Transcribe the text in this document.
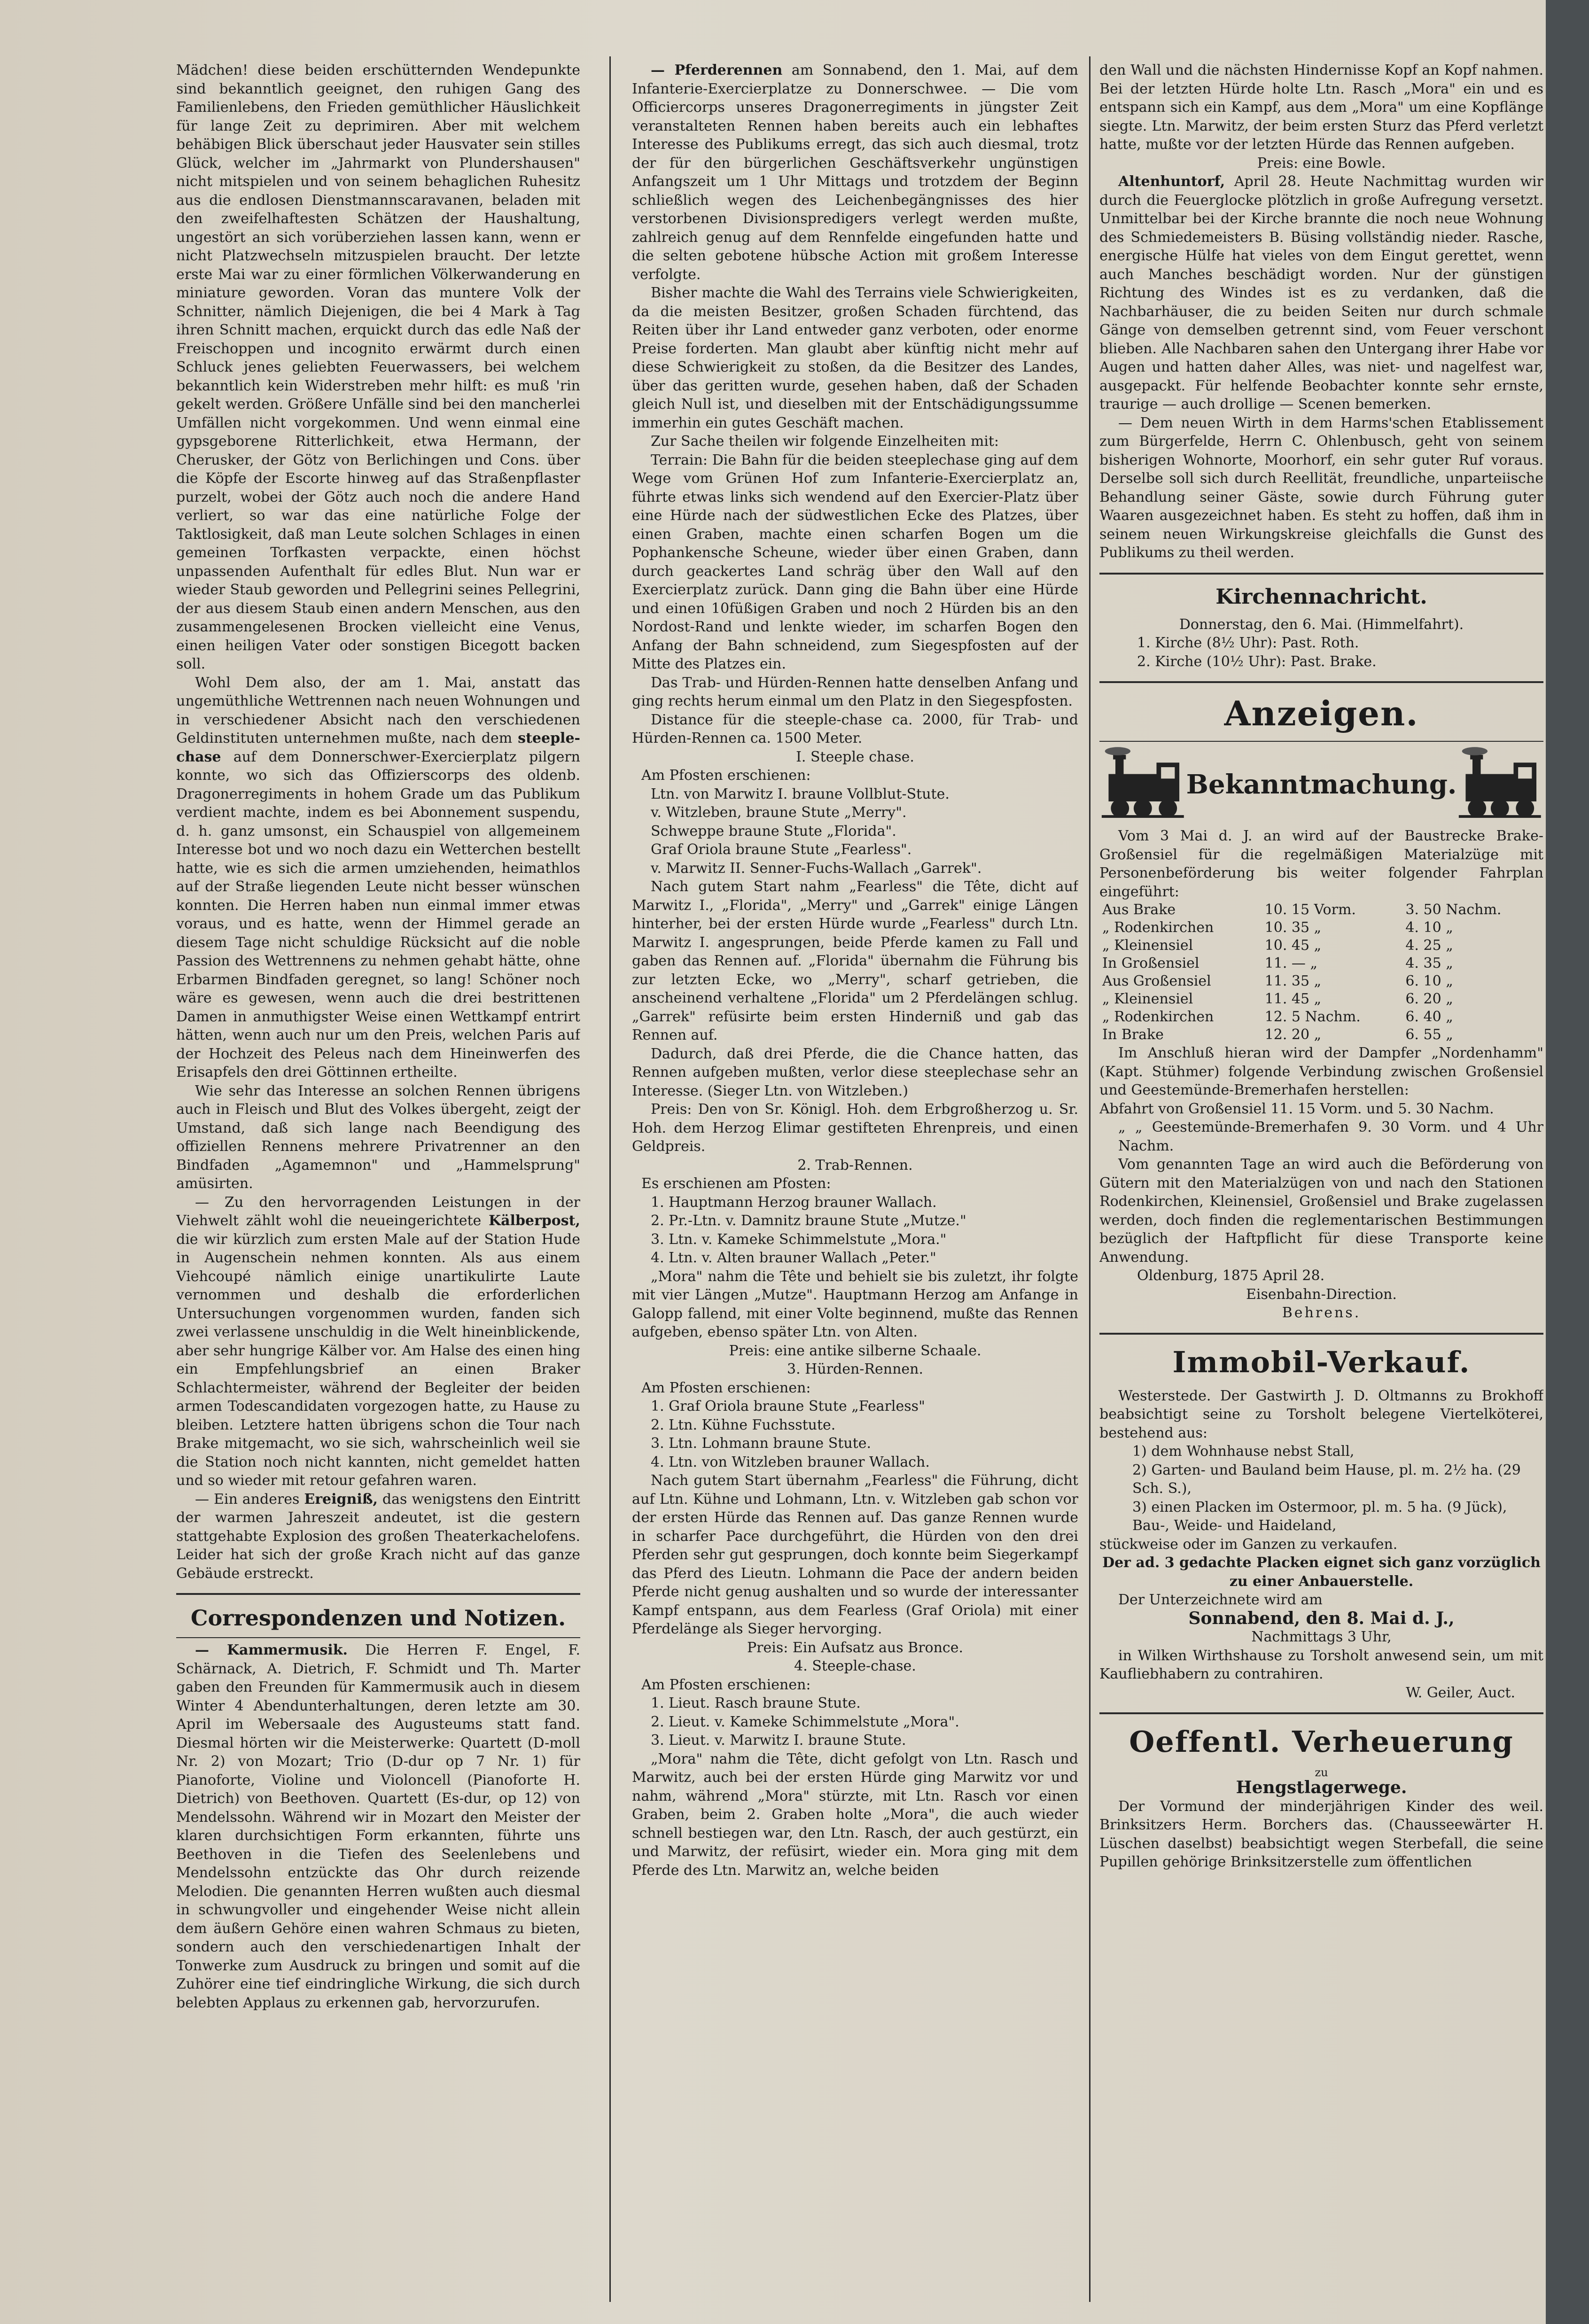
Mädchen! diese beiden erschütternden Wendepunkte sind bekanntlich geeignet, den ruhigen Gang des Familienlebens, den Frieden gemüthlicher Häuslichkeit für lange Zeit zu deprimiren. Aber mit welchem behäbigen Blick überschaut jeder Hausvater sein stilles Glück, welcher im „Jahrmarkt von Plundershausen" nicht mitspielen und von seinem behaglichen Ruhesitz aus die endlosen Dienstmannscaravanen, beladen mit den zweifelhaftesten Schätzen der Haushaltung, ungestört an sich vorüberziehen lassen kann, wenn er nicht Platzwechseln mitzuspielen braucht. Der letzte erste Mai war zu einer förmlichen Völkerwanderung en miniature geworden. Voran das muntere Volk der Schnitter, nämlich Diejenigen, die bei 4 Mark à Tag ihren Schnitt machen, erquickt durch das edle Naß der Freischoppen und incognito erwärmt durch einen Schluck jenes geliebten Feuerwassers, bei welchem bekanntlich kein Widerstreben mehr hilft: es muß 'rin gekelt werden. Größere Unfälle sind bei den mancherlei Umfällen nicht vorgekommen. Und wenn einmal eine gypsgeborene Ritterlichkeit, etwa Hermann, der Cherusker, der Götz von Berlichingen und Cons. über die Köpfe der Escorte hinweg auf das Straßenpflaster purzelt, wobei der Götz auch noch die andere Hand verliert, so war das eine natürliche Folge der Taktlosigkeit, daß man Leute solchen Schlages in einen gemeinen Torfkasten verpackte, einen höchst unpassenden Aufenthalt für edles Blut. Nun war er wieder Staub geworden und Pellegrini seines Pellegrini, der aus diesem Staub einen andern Menschen, aus den zusammengelesenen Brocken vielleicht eine Venus, einen heiligen Vater oder sonstigen Bicegott backen soll.

Wohl Dem also, der am 1. Mai, anstatt das ungemüthliche Wettrennen nach neuen Wohnungen und in verschiedener Absicht nach den verschiedenen Geldinstituten unternehmen mußte, nach dem steeple-chase auf dem Donnerschwer-Exercierplatz pilgern konnte, wo sich das Offizierscorps des oldenb. Dragonerregiments in hohem Grade um das Publikum verdient machte, indem es bei Abonnement suspendu, d. h. ganz umsonst, ein Schauspiel von allgemeinem Interesse bot und wo noch dazu ein Wetterchen bestellt hatte, wie es sich die armen umziehenden, heimathlos auf der Straße liegenden Leute nicht besser wünschen konnten. Die Herren haben nun einmal immer etwas voraus, und es hatte, wenn der Himmel gerade an diesem Tage nicht schuldige Rücksicht auf die noble Passion des Wettrennens zu nehmen gehabt hätte, ohne Erbarmen Bindfaden geregnet, so lang! Schöner noch wäre es gewesen, wenn auch die drei bestrittenen Damen in anmuthigster Weise einen Wettkampf entrirt hätten, wenn auch nur um den Preis, welchen Paris auf der Hochzeit des Peleus nach dem Hineinwerfen des Erisapfels den drei Göttinnen ertheilte.

Wie sehr das Interesse an solchen Rennen übrigens auch in Fleisch und Blut des Volkes übergeht, zeigt der Umstand, daß sich lange nach Beendigung des offiziellen Rennens mehrere Privatrenner an den Bindfaden „Agamemnon" und „Hammelsprung" amüsirten.

— Zu den hervorragenden Leistungen in der Viehwelt zählt wohl die neueingerichtete Kälberpost, die wir kürzlich zum ersten Male auf der Station Hude in Augenschein nehmen konnten. Als aus einem Viehcoupé nämlich einige unartikulirte Laute vernommen und deshalb die erforderlichen Untersuchungen vorgenommen wurden, fanden sich zwei verlassene unschuldig in die Welt hineinblickende, aber sehr hungrige Kälber vor. Am Halse des einen hing ein Empfehlungsbrief an einen Braker Schlachtermeister, während der Begleiter der beiden armen Todescandidaten vorgezogen hatte, zu Hause zu bleiben. Letztere hatten übrigens schon die Tour nach Brake mitgemacht, wo sie sich, wahrscheinlich weil sie die Station noch nicht kannten, nicht gemeldet hatten und so wieder mit retour gefahren waren.

— Ein anderes Ereigniß, das wenigstens den Eintritt der warmen Jahreszeit andeutet, ist die gestern stattgehabte Explosion des großen Theaterkachelofens. Leider hat sich der große Krach nicht auf das ganze Gebäude erstreckt.

Correspondenzen und Notizen.

— Kammermusik. Die Herren F. Engel, F. Schärnack, A. Dietrich, F. Schmidt und Th. Marter gaben den Freunden für Kammermusik auch in diesem Winter 4 Abendunterhaltungen, deren letzte am 30. April im Webersaale des Augusteums statt fand. Diesmal hörten wir die Meisterwerke: Quartett (D-moll Nr. 2) von Mozart; Trio (D-dur op 7 Nr. 1) für Pianoforte, Violine und Violoncell (Pianoforte H. Dietrich) von Beethoven. Quartett (Es-dur, op 12) von Mendelssohn. Während wir in Mozart den Meister der klaren durchsichtigen Form erkannten, führte uns Beethoven in die Tiefen des Seelenlebens und Mendelssohn entzückte das Ohr durch reizende Melodien. Die genannten Herren wußten auch diesmal in schwungvoller und eingehender Weise nicht allein dem äußern Gehöre einen wahren Schmaus zu bieten, sondern auch den verschiedenartigen Inhalt der Tonwerke zum Ausdruck zu bringen und somit auf die Zuhörer eine tief eindringliche Wirkung, die sich durch belebten Applaus zu erkennen gab, hervorzurufen.

— Pferderennen am Sonnabend, den 1. Mai, auf dem Infanterie-Exercierplatze zu Donnerschwee. — Die vom Officiercorps unseres Dragonerregiments in jüngster Zeit veranstalteten Rennen haben bereits auch ein lebhaftes Interesse des Publikums erregt, das sich auch diesmal, trotz der für den bürgerlichen Geschäftsverkehr ungünstigen Anfangszeit um 1 Uhr Mittags und trotzdem der Beginn schließlich wegen des Leichenbegängnisses des hier verstorbenen Divisionspredigers verlegt werden mußte, zahlreich genug auf dem Rennfelde eingefunden hatte und die selten gebotene hübsche Action mit großem Interesse verfolgte.

Bisher machte die Wahl des Terrains viele Schwierigkeiten, da die meisten Besitzer, großen Schaden fürchtend, das Reiten über ihr Land entweder ganz verboten, oder enorme Preise forderten. Man glaubt aber künftig nicht mehr auf diese Schwierigkeit zu stoßen, da die Besitzer des Landes, über das geritten wurde, gesehen haben, daß der Schaden gleich Null ist, und dieselben mit der Entschädigungssumme immerhin ein gutes Geschäft machen.

Zur Sache theilen wir folgende Einzelheiten mit:

Terrain: Die Bahn für die beiden steeplechase ging auf dem Wege vom Grünen Hof zum Infanterie-Exercierplatz an, führte etwas links sich wendend auf den Exercier-Platz über eine Hürde nach der südwestlichen Ecke des Platzes, über einen Graben, machte einen scharfen Bogen um die Pophankensche Scheune, wieder über einen Graben, dann durch geackertes Land schräg über den Wall auf den Exercierplatz zurück. Dann ging die Bahn über eine Hürde und einen 10füßigen Graben und noch 2 Hürden bis an den Nordost-Rand und lenkte wieder, im scharfen Bogen den Anfang der Bahn schneidend, zum Siegespfosten auf der Mitte des Platzes ein.

Das Trab- und Hürden-Rennen hatte denselben Anfang und ging rechts herum einmal um den Platz in den Siegespfosten.

Distance für die steeple-chase ca. 2000, für Trab- und Hürden-Rennen ca. 1500 Meter.

I. Steeple chase.

Am Pfosten erschienen:

Ltn. von Marwitz I. braune Vollblut-Stute.
v. Witzleben, braune Stute „Merry".
Schweppe braune Stute „Florida".
Graf Oriola braune Stute „Fearless".
v. Marwitz II. Senner-Fuchs-Wallach „Garrek".

Nach gutem Start nahm „Fearless" die Tête, dicht auf Marwitz I., „Florida", „Merry" und „Garrek" einige Längen hinterher, bei der ersten Hürde wurde „Fearless" durch Ltn. Marwitz I. angesprungen, beide Pferde kamen zu Fall und gaben das Rennen auf. „Florida" übernahm die Führung bis zur letzten Ecke, wo „Merry", scharf getrieben, die anscheinend verhaltene „Florida" um 2 Pferdelängen schlug. „Garrek" refüsirte beim ersten Hinderniß und gab das Rennen auf.

Dadurch, daß drei Pferde, die die Chance hatten, das Rennen aufgeben mußten, verlor diese steeplechase sehr an Interesse. (Sieger Ltn. von Witzleben.)

Preis: Den von Sr. Königl. Hoh. dem Erbgroßherzog u. Sr. Hoh. dem Herzog Elimar gestifteten Ehrenpreis, und einen Geldpreis.

2. Trab-Rennen.

Es erschienen am Pfosten:

1. Hauptmann Herzog brauner Wallach.
2. Pr.-Ltn. v. Damnitz braune Stute „Mutze."
3. Ltn. v. Kameke Schimmelstute „Mora."
4. Ltn. v. Alten brauner Wallach „Peter."

„Mora" nahm die Tête und behielt sie bis zuletzt, ihr folgte mit vier Längen „Mutze". Hauptmann Herzog am Anfange in Galopp fallend, mit einer Volte beginnend, mußte das Rennen aufgeben, ebenso später Ltn. von Alten.

Preis: eine antike silberne Schaale.

3. Hürden-Rennen.

Am Pfosten erschienen:

1. Graf Oriola braune Stute „Fearless"
2. Ltn. Kühne Fuchsstute.
3. Ltn. Lohmann braune Stute.
4. Ltn. von Witzleben brauner Wallach.

Nach gutem Start übernahm „Fearless" die Führung, dicht auf Ltn. Kühne und Lohmann, Ltn. v. Witzleben gab schon vor der ersten Hürde das Rennen auf. Das ganze Rennen wurde in scharfer Pace durchgeführt, die Hürden von den drei Pferden sehr gut gesprungen, doch konnte beim Siegerkampf das Pferd des Lieutn. Lohmann die Pace der andern beiden Pferde nicht genug aushalten und so wurde der interessanter Kampf entspann, aus dem Fearless (Graf Oriola) mit einer Pferdelänge als Sieger hervorging.

Preis: Ein Aufsatz aus Bronce.

4. Steeple-chase.

Am Pfosten erschienen:

1. Lieut. Rasch braune Stute.
2. Lieut. v. Kameke Schimmelstute „Mora".
3. Lieut. v. Marwitz I. braune Stute.

„Mora" nahm die Tête, dicht gefolgt von Ltn. Rasch und Marwitz, auch bei der ersten Hürde ging Marwitz vor und nahm, während „Mora" stürzte, mit Ltn. Rasch vor einen Graben, beim 2. Graben holte „Mora", die auch wieder schnell bestiegen war, den Ltn. Rasch, der auch gestürzt, ein und Marwitz, der refüsirt, wieder ein. Mora ging mit dem Pferde des Ltn. Marwitz an, welche beiden

den Wall und die nächsten Hindernisse Kopf an Kopf nahmen. Bei der letzten Hürde holte Ltn. Rasch „Mora" ein und es entspann sich ein Kampf, aus dem „Mora" um eine Kopflänge siegte. Ltn. Marwitz, der beim ersten Sturz das Pferd verletzt hatte, mußte vor der letzten Hürde das Rennen aufgeben.

Preis: eine Bowle.

Altenhuntorf, April 28. Heute Nachmittag wurden wir durch die Feuerglocke plötzlich in große Aufregung versetzt. Unmittelbar bei der Kirche brannte die noch neue Wohnung des Schmiedemeisters B. Büsing vollständig nieder. Rasche, energische Hülfe hat vieles von dem Eingut gerettet, wenn auch Manches beschädigt worden. Nur der günstigen Richtung des Windes ist es zu verdanken, daß die Nachbarhäuser, die zu beiden Seiten nur durch schmale Gänge von demselben getrennt sind, vom Feuer verschont blieben. Alle Nachbaren sahen den Untergang ihrer Habe vor Augen und hatten daher Alles, was niet- und nagelfest war, ausgepackt. Für helfende Beobachter konnte sehr ernste, traurige — auch drollige — Scenen bemerken.

— Dem neuen Wirth in dem Harms'schen Etablissement zum Bürgerfelde, Herrn C. Ohlenbusch, geht von seinem bisherigen Wohnorte, Moorhorf, ein sehr guter Ruf voraus. Derselbe soll sich durch Reellität, freundliche, unparteiische Behandlung seiner Gäste, sowie durch Führung guter Waaren ausgezeichnet haben. Es steht zu hoffen, daß ihm in seinem neuen Wirkungskreise gleichfalls die Gunst des Publikums zu theil werden.

Kirchennachricht.

Donnerstag, den 6. Mai. (Himmelfahrt).

1. Kirche (8½ Uhr): Past. Roth.

2. Kirche (10½ Uhr): Past. Brake.

Anzeigen.
Bekanntmachung.

Vom 3 Mai d. J. an wird auf der Baustrecke Brake-Großensiel für die regelmäßigen Materialzüge mit Personenbeförderung bis weiter folgender Fahrplan eingeführt:

Aus Brake	10. 15 Vorm.	3. 50 Nachm.
„ Rodenkirchen	10. 35 „	4. 10 „
„ Kleinensiel	10. 45 „	4. 25 „
In Großensiel	11. — „	4. 35 „
Aus Großensiel	11. 35 „	6. 10 „
„ Kleinensiel	11. 45 „	6. 20 „
„ Rodenkirchen	12. 5 Nachm.	6. 40 „
In Brake	12. 20 „	6. 55 „

Im Anschluß hieran wird der Dampfer „Nordenhamm" (Kapt. Stühmer) folgende Verbindung zwischen Großensiel und Geestemünde-Bremerhafen herstellen:

Abfahrt von Großensiel 11. 15 Vorm. und 5. 30 Nachm.

„ „ Geestemünde-Bremerhafen 9. 30 Vorm. und 4 Uhr Nachm.

Vom genannten Tage an wird auch die Beförderung von Gütern mit den Materialzügen von und nach den Stationen Rodenkirchen, Kleinensiel, Großensiel und Brake zugelassen werden, doch finden die reglementarischen Bestimmungen bezüglich der Haftpflicht für diese Transporte keine Anwendung.

Oldenburg, 1875 April 28.

Eisenbahn-Direction.

Behrens.

Immobil-Verkauf.

Westerstede. Der Gastwirth J. D. Oltmanns zu Brokhoff beabsichtigt seine zu Torsholt belegene Viertelköterei, bestehend aus:

1) dem Wohnhause nebst Stall,
2) Garten- und Bauland beim Hause, pl. m. 2½ ha. (29 Sch. S.),
3) einen Placken im Ostermoor, pl. m. 5 ha. (9 Jück), Bau-, Weide- und Haideland,

stückweise oder im Ganzen zu verkaufen.

Der ad. 3 gedachte Placken eignet sich ganz vorzüglich zu einer Anbauerstelle.

Der Unterzeichnete wird am

Sonnabend, den 8. Mai d. J.,

Nachmittags 3 Uhr,

in Wilken Wirthshause zu Torsholt anwesend sein, um mit Kaufliebhabern zu contrahiren.

W. Geiler, Auct.

Oeffentl. Verheuerung

zu

Hengstlagerwege.

Der Vormund der minderjährigen Kinder des weil. Brinksitzers Herm. Borchers das. (Chausseewärter H. Lüschen daselbst) beabsichtigt wegen Sterbefall, die seine Pupillen gehörige Brinksitzerstelle zum öffentlichen
